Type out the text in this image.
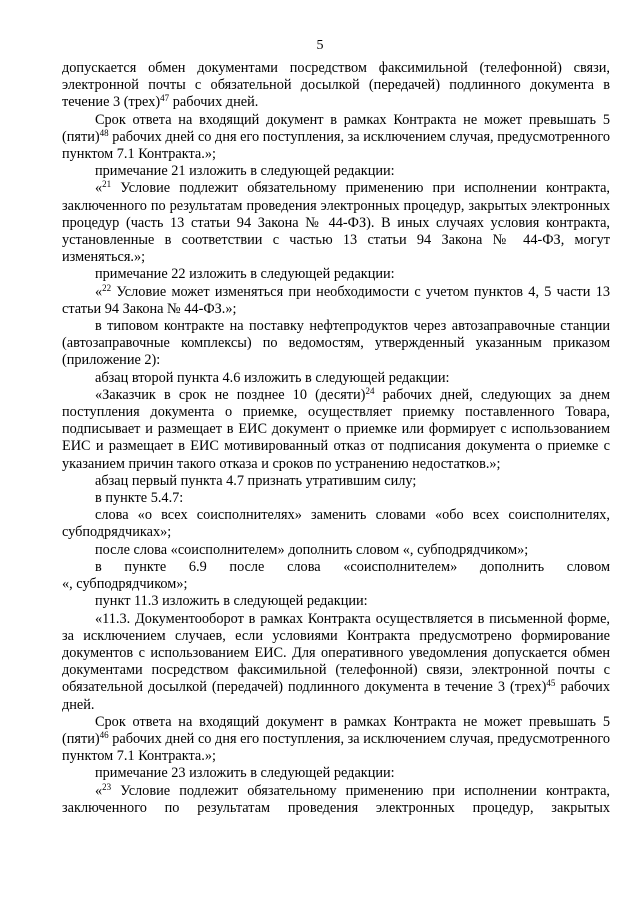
5

допускается обмен документами посредством факсимильной (телефонной) связи, электронной почты с обязательной досылкой (передачей) подлинного документа в течение 3 (трех)$^{47}$ рабочих дней.

Срок ответа на входящий документ в рамках Контракта не может превышать 5 (пяти)$^{48}$ рабочих дней со дня его поступления, за исключением случая, предусмотренного пунктом 7.1 Контракта.»;

примечание 21 изложить в следующей редакции:

«$^{21}$ Условие подлежит обязательному применению при исполнении контракта, заключенного по результатам проведения электронных процедур, закрытых электронных процедур (часть 13 статьи 94 Закона № 44-ФЗ). В иных случаях условия контракта, установленные в соответствии с частью 13 статьи 94 Закона № 44-ФЗ, могут изменяться.»;

примечание 22 изложить в следующей редакции:

«$^{22}$ Условие может изменяться при необходимости с учетом пунктов 4, 5 части 13 статьи 94 Закона № 44-ФЗ.»;

в типовом контракте на поставку нефтепродуктов через автозаправочные станции (автозаправочные комплексы) по ведомостям, утвержденный указанным приказом (приложение 2):

абзац второй пункта 4.6 изложить в следующей редакции:

«Заказчик в срок не позднее 10 (десяти)$^{24}$ рабочих дней, следующих за днем поступления документа о приемке, осуществляет приемку поставленного Товара, подписывает и размещает в ЕИС документ о приемке или формирует с использованием ЕИС и размещает в ЕИС мотивированный отказ от подписания документа о приемке с указанием причин такого отказа и сроков по устранению недостатков.»;

абзац первый пункта 4.7 признать утратившим силу;

в пункте 5.4.7:

слова «о всех соисполнителях» заменить словами «обо всех соисполнителях, субподрядчиках»;

после слова «соисполнителем» дополнить словом «, субподрядчиком»;

в пункте 6.9 после слова «соисполнителем» дополнить словом

«, субподрядчиком»;

пункт 11.3 изложить в следующей редакции:

«11.3. Документооборот в рамках Контракта осуществляется в письменной форме, за исключением случаев, если условиями Контракта предусмотрено формирование документов с использованием ЕИС. Для оперативного уведомления допускается обмен документами посредством факсимильной (телефонной) связи, электронной почты с обязательной досылкой (передачей) подлинного документа в течение 3 (трех)$^{45}$ рабочих дней.

Срок ответа на входящий документ в рамках Контракта не может превышать 5 (пяти)$^{46}$ рабочих дней со дня его поступления, за исключением случая, предусмотренного пунктом 7.1 Контракта.»;

примечание 23 изложить в следующей редакции:

«$^{23}$ Условие подлежит обязательному применению при исполнении контракта, заключенного по результатам проведения электронных процедур, закрытых
